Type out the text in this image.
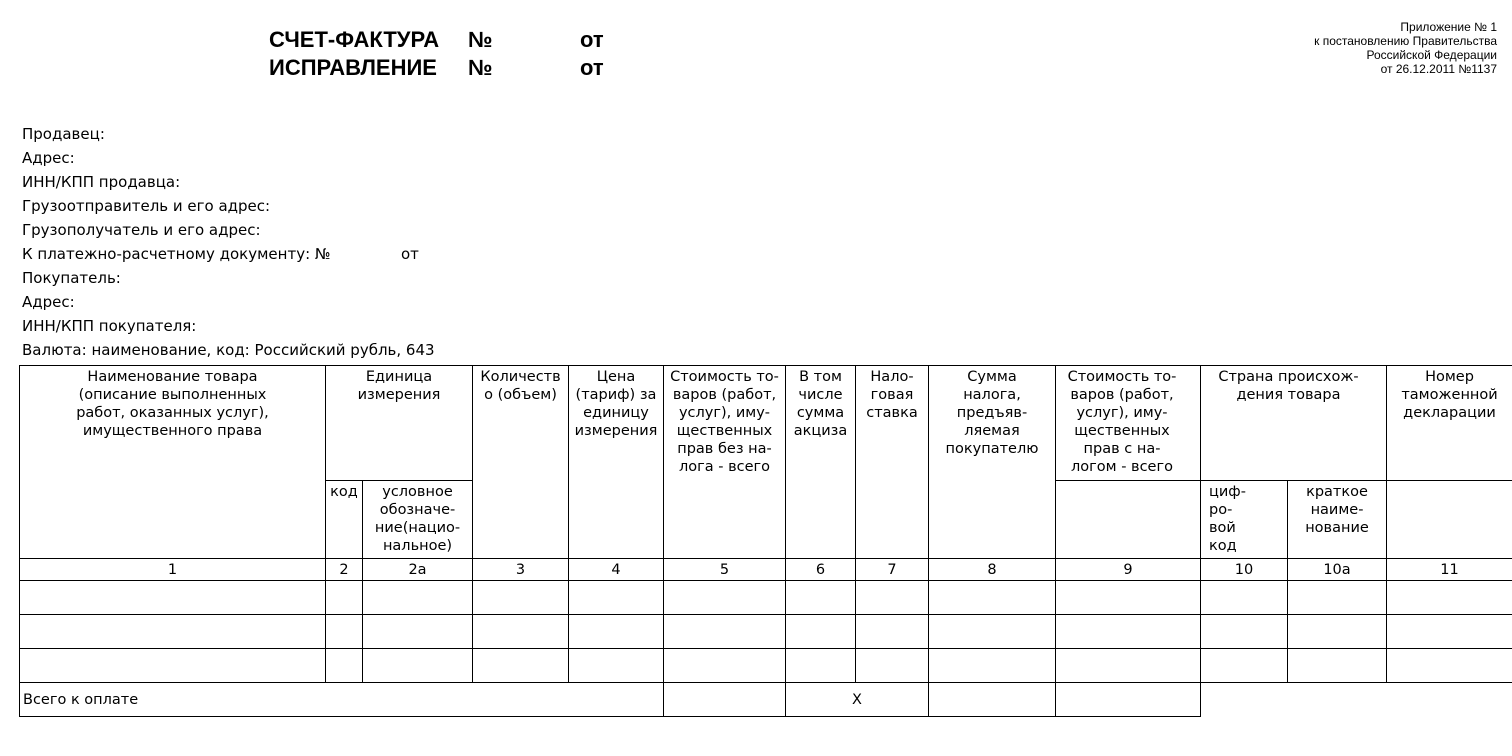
СЧЕТ-ФАКТУРА №	от
ИСПРАВЛЕНИЕ №	от
Приложение № 1
к постановлению Правительства
Российской Федерации
от 26.12.2011 №1137
Продавец:
Адрес:
ИНН/КПП продавца:
Грузоотправитель и его адрес:
Грузополучатель и его адрес:
К платежно-расчетному документу: №	от
Покупатель:
Адрес:
ИНН/КПП покупателя:
Валюта: наименование, код: Российский рубль, 643
Наименование товара (описание выполненных работ, оказанных услуг), имущественного права	Единица измерения		Количеств о (объем)	Цена (тариф) за единицу измерения	Стоимость то-варов (работ, услуг), иму-щественных прав без на-лога - всего	В том числе сумма акциза	Нало-говая ставка	Сумма налога, предъяв-ляемая покупателю	Стоимость то-варов (работ, услуг), иму-щественных прав с на-логом - всего	Страна происхож-дения товара		Номер таможенной декларации
	код	условное обозначе-ние(нацио-нальное)								циф-ро-вой код	краткое наиме-нование	
1	2	2а	3	4	5	6	7	8	9	10	10а	11

Всего к оплате						X						
